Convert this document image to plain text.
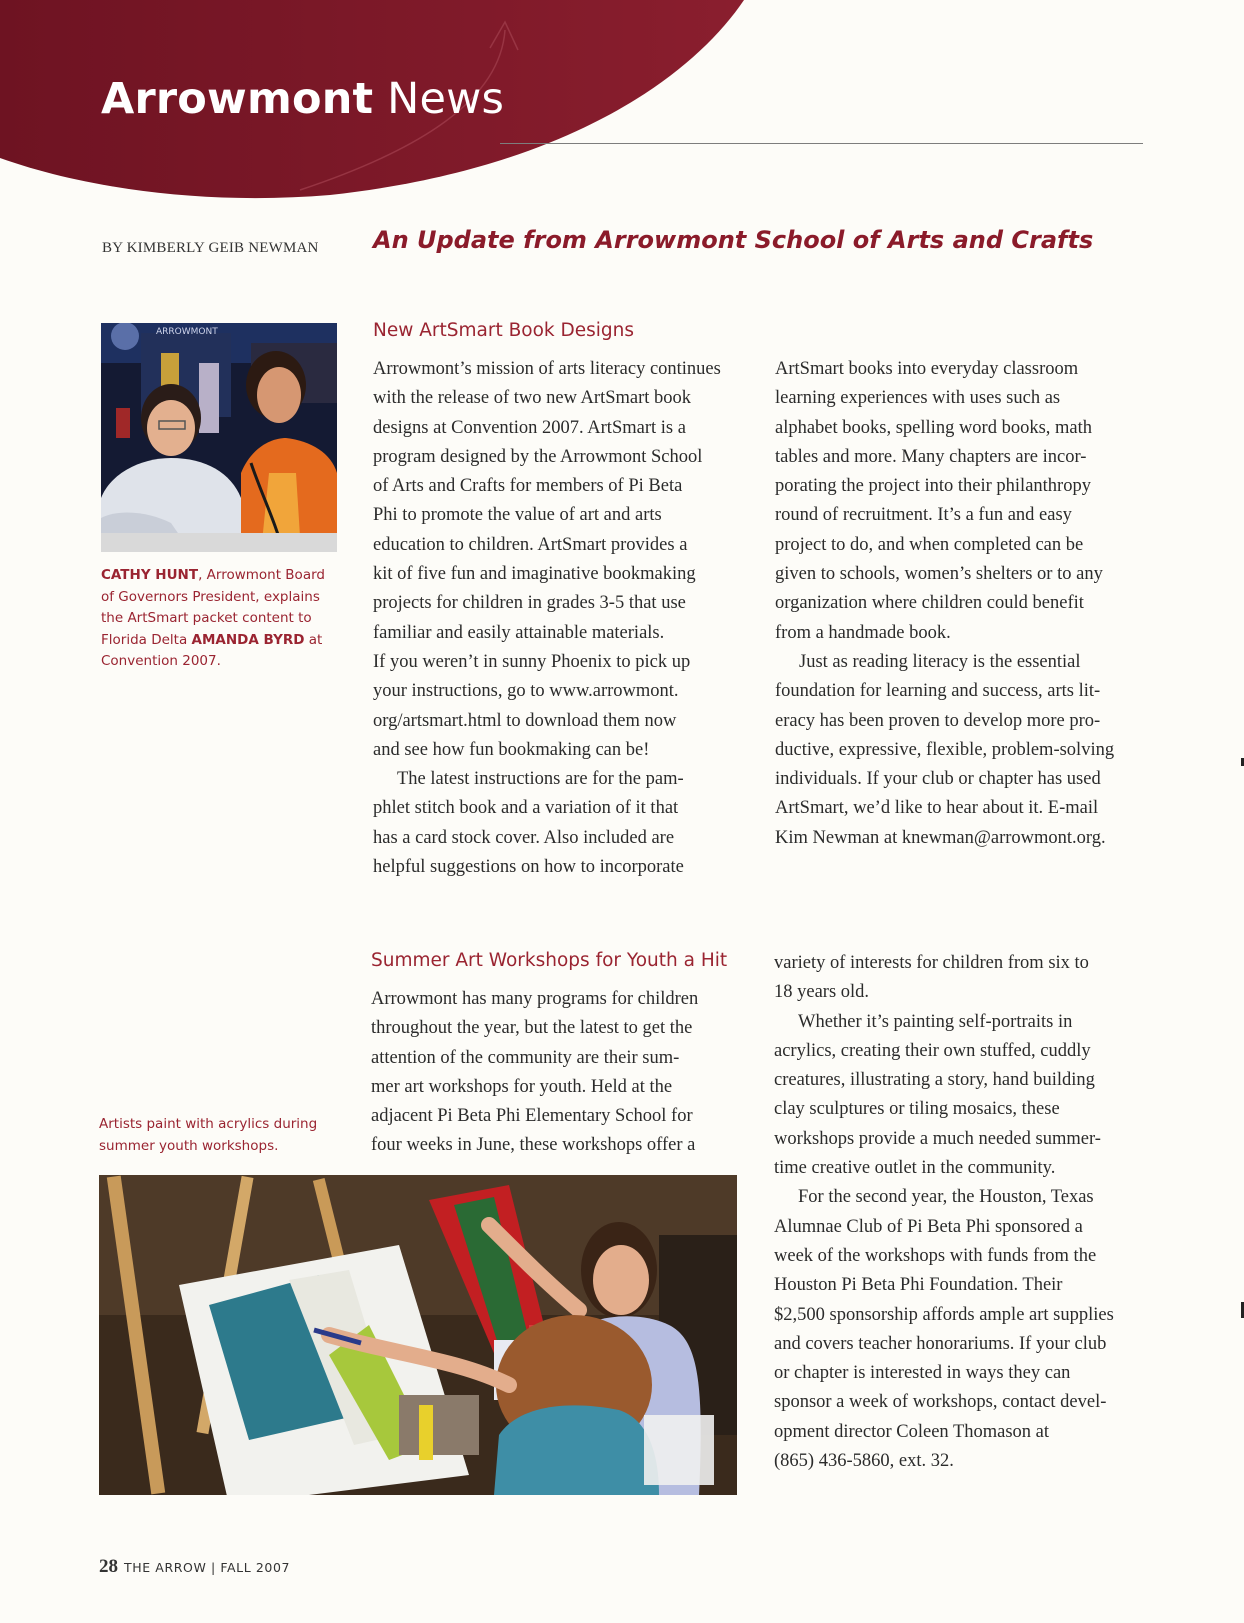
Arrowmont News
BY KIMBERLY GEIB NEWMAN An Update from Arrowmont School of Arts and Crafts
ARROWMONT
CATHY HUNT, Arrowmont Board of Governors President, explains the ArtSmart packet content to Florida Delta AMANDA BYRD at Convention 2007.
New ArtSmart Book Designs

Arrowmont’s mission of arts literacy continues
with the release of two new ArtSmart book
designs at Convention 2007. ArtSmart is a
program designed by the Arrowmont School
of Arts and Crafts for members of Pi Beta
Phi to promote the value of art and arts
education to children. ArtSmart provides a
kit of five fun and imaginative bookmaking
projects for children in grades 3-5 that use
familiar and easily attainable materials.
If you weren’t in sunny Phoenix to pick up
your instructions, go to www.arrowmont.
org/artsmart.html to download them now
and see how fun bookmaking can be!

The latest instructions are for the pam-
phlet stitch book and a variation of it that
has a card stock cover. Also included are
helpful suggestions on how to incorporate

ArtSmart books into everyday classroom
learning experiences with uses such as
alphabet books, spelling word books, math
tables and more. Many chapters are incor-
porating the project into their philanthropy
round of recruitment. It’s a fun and easy
project to do, and when completed can be
given to schools, women’s shelters or to any
organization where children could benefit
from a handmade book.

Just as reading literacy is the essential
foundation for learning and success, arts lit-
eracy has been proven to develop more pro-
ductive, expressive, flexible, problem-solving
individuals. If your club or chapter has used
ArtSmart, we’d like to hear about it. E-mail
Kim Newman at knewman@arrowmont.org.

Summer Art Workshops for Youth a Hit

Arrowmont has many programs for children
throughout the year, but the latest to get the
attention of the community are their sum-
mer art workshops for youth. Held at the
adjacent Pi Beta Phi Elementary School for
four weeks in June, these workshops offer a

Artists paint with acrylics during summer youth workshops.

variety of interests for children from six to
18 years old.

Whether it’s painting self-portraits in
acrylics, creating their own stuffed, cuddly
creatures, illustrating a story, hand building
clay sculptures or tiling mosaics, these
workshops provide a much needed summer-
time creative outlet in the community.

For the second year, the Houston, Texas
Alumnae Club of Pi Beta Phi sponsored a
week of the workshops with funds from the
Houston Pi Beta Phi Foundation. Their
$2,500 sponsorship affords ample art supplies
and covers teacher honorariums. If your club
or chapter is interested in ways they can
sponsor a week of workshops, contact devel-
opment director Coleen Thomason at
(865) 436-5860, ext. 32.

28 THE ARROW | FALL 2007
